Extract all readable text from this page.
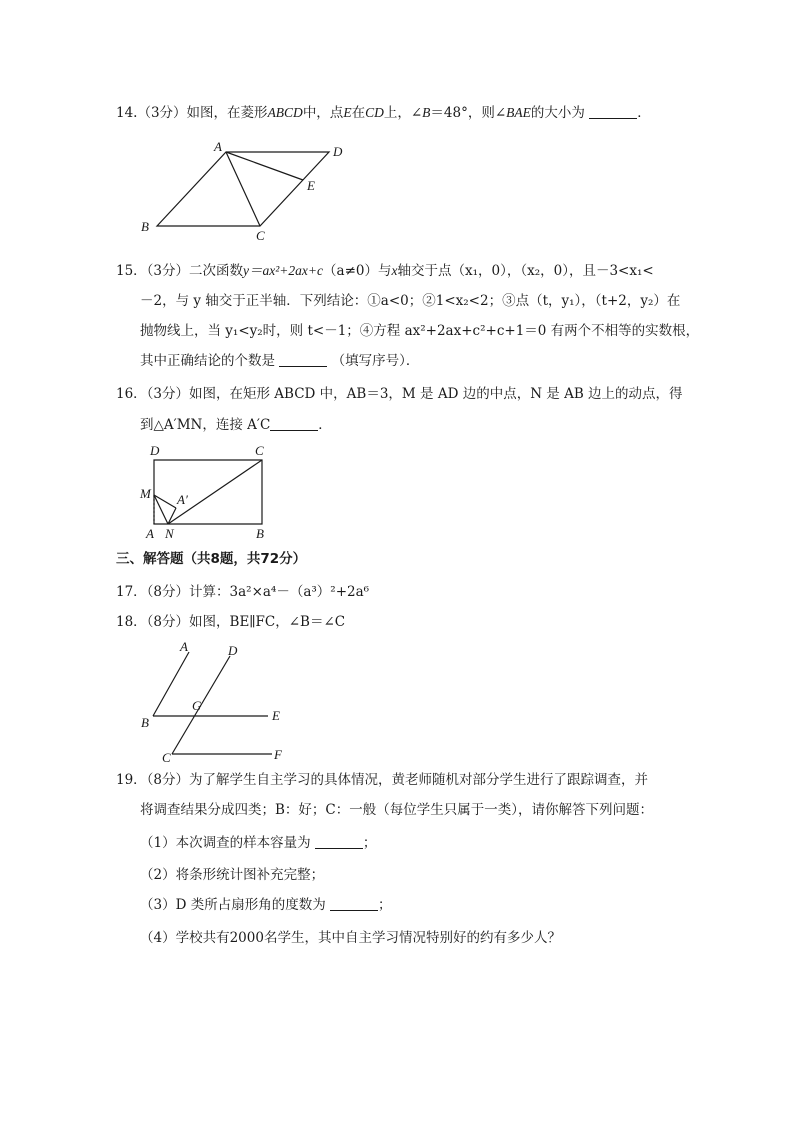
14.（3分）如图，在菱形ABCD中，点E在CD上，∠B＝48°，则∠BAE的大小为	．
A	D
E
B
C
15．（3分）二次函数y＝ax²+2ax+c（a≠0）与x轴交于点（x₁，0），（x₂，0），且－3<x₁<
－2，与 y 轴交于正半轴．下列结论：①a<0；②1<x₂<2；③点（t，y₁），（t+2，y₂）在
抛物线上，当 y₁<y₂时，则 t<－1；④方程 ax²+2ax+c²+c+1＝0 有两个不相等的实数根，
其中正确结论的个数是	（填写序号）．
16．（3分）如图，在矩形 ABCD 中，AB＝3，M 是 AD 边的中点，N 是 AB 边上的动点，得
到△A′MN，连接 A′C	．
D	C
M A′
A N	B
三、解答题（共8题，共72分）
17．（8分）计算：3a²×a⁴－（a³）²+2a⁶
18．（8分）如图，BE∥FC，∠B＝∠C
A	D
G
B	E
C	F
19．（8分）为了解学生自主学习的具体情况，黄老师随机对部分学生进行了跟踪调查，并
将调查结果分成四类；B：好；C：一般（每位学生只属于一类），请你解答下列问题：
（1）本次调查的样本容量为	；
（2）将条形统计图补充完整；
（3）D 类所占扇形角的度数为	；
（4）学校共有2000名学生，其中自主学习情况特别好的约有多少人？
